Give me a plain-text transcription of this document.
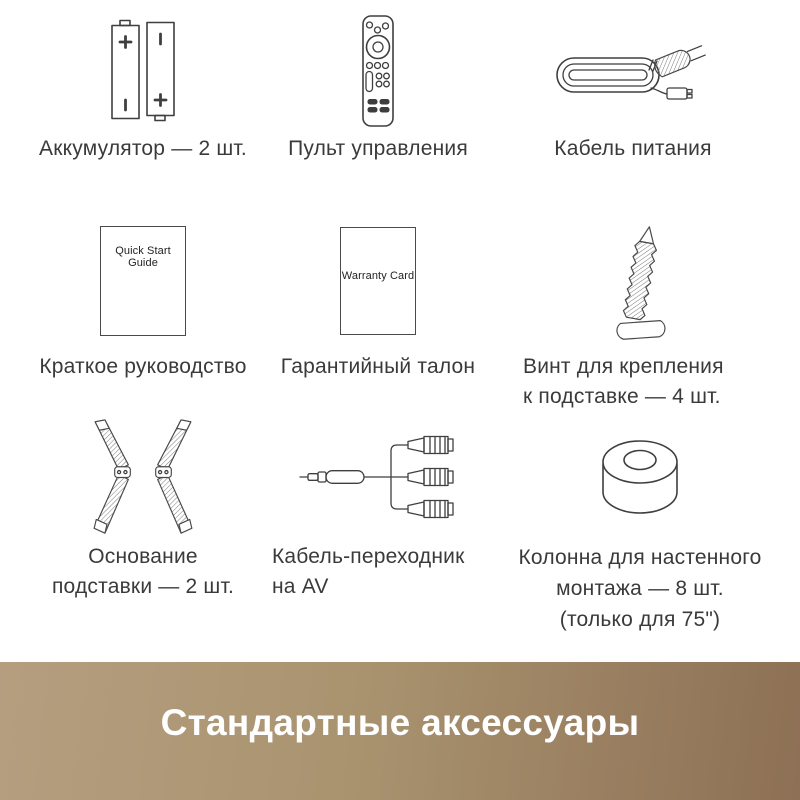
Аккумулятор — 2 шт.	Пульт управления	Кабель питания
Quick Start Guide
Краткое руководство
Warranty Card
Гарантийный талон	Винт для крепления
к подставке — 4 шт.
Основание
подставки — 2 шт.
Кабель-переходник
на AV
Колонна для настенного
монтажа — 8 шт.
(только для 75")
Стандартные аксессуары
